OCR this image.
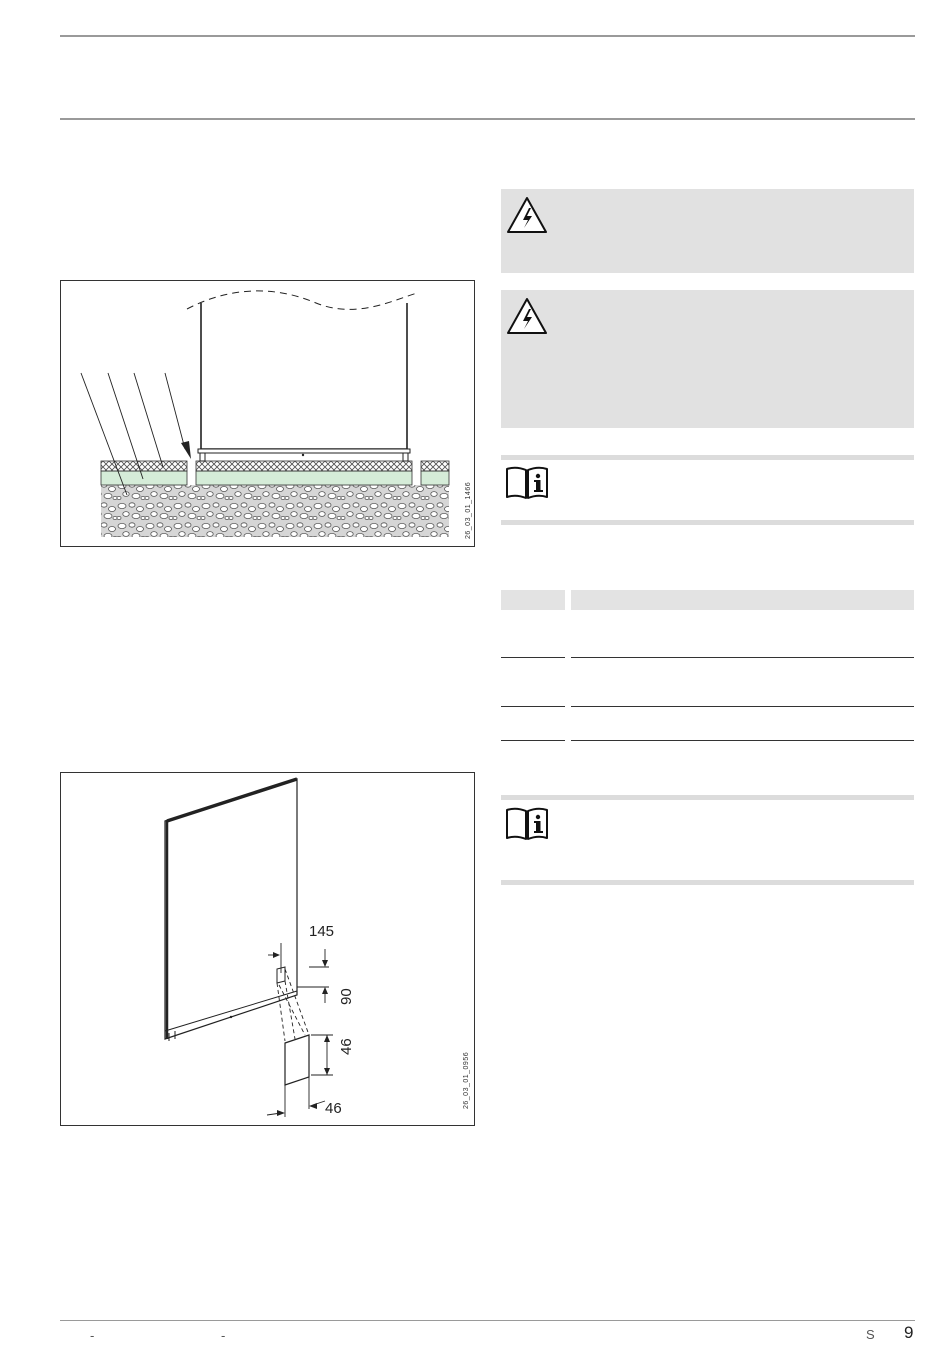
26_03_01_1466
145
90
46
46	26_03_01_0956
-	-	S 9
